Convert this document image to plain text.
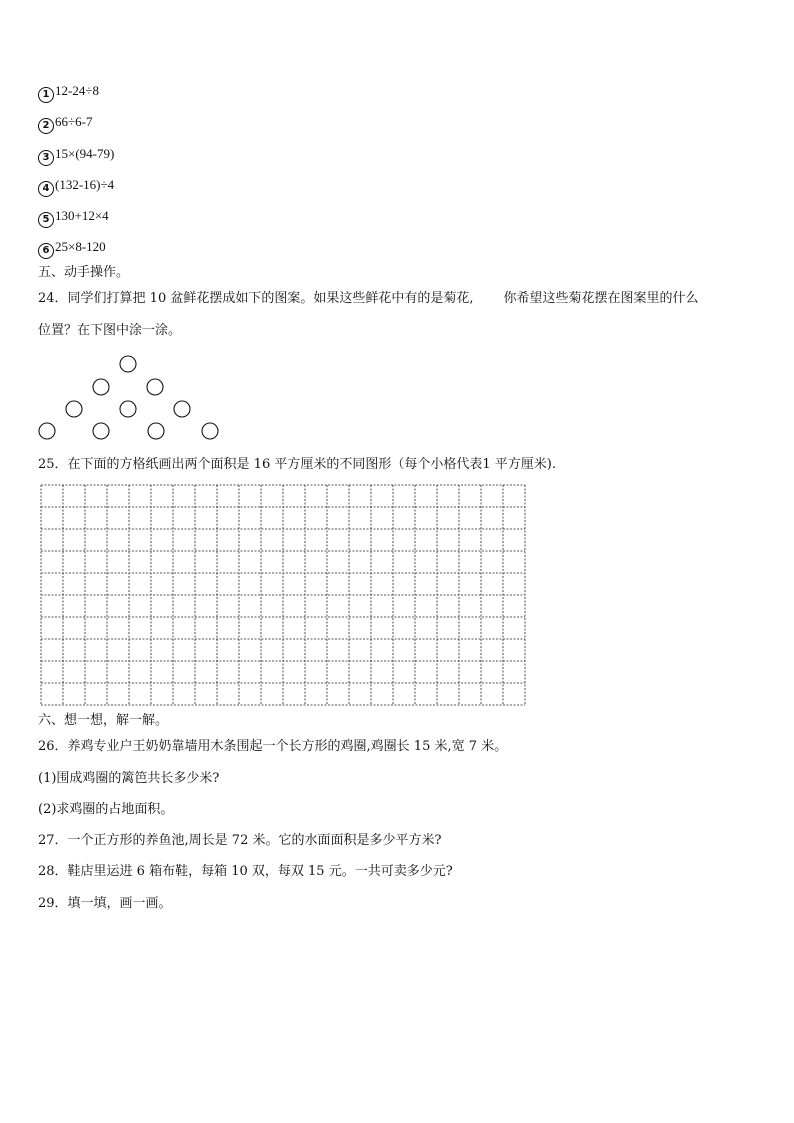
1 12-24÷8
2 66÷6-7
3 15×(94-79)
4 (132-16)÷4
5 130+12×4
6 25×8-120
五、动手操作。
24．同学们打算把 10 盆鲜花摆成如下的图案。如果这些鲜花中有的是菊花, 你希望这些菊花摆在图案里的什么
位置？在下图中涂一涂。
25．在下面的方格纸画出两个面积是 16 平方厘米的不同图形（每个小格代表1 平方厘米).
六、想一想，解一解。
26．养鸡专业户王奶奶靠墙用木条围起一个长方形的鸡圈,鸡圈长 15 米,宽 7 米。
(1)围成鸡圈的篱笆共长多少米?
(2)求鸡圈的占地面积。
27．一个正方形的养鱼池,周长是 72 米。它的水面面积是多少平方米?
28．鞋店里运进 6 箱布鞋，每箱 10 双，每双 15 元。一共可卖多少元?
29．填一填，画一画。
